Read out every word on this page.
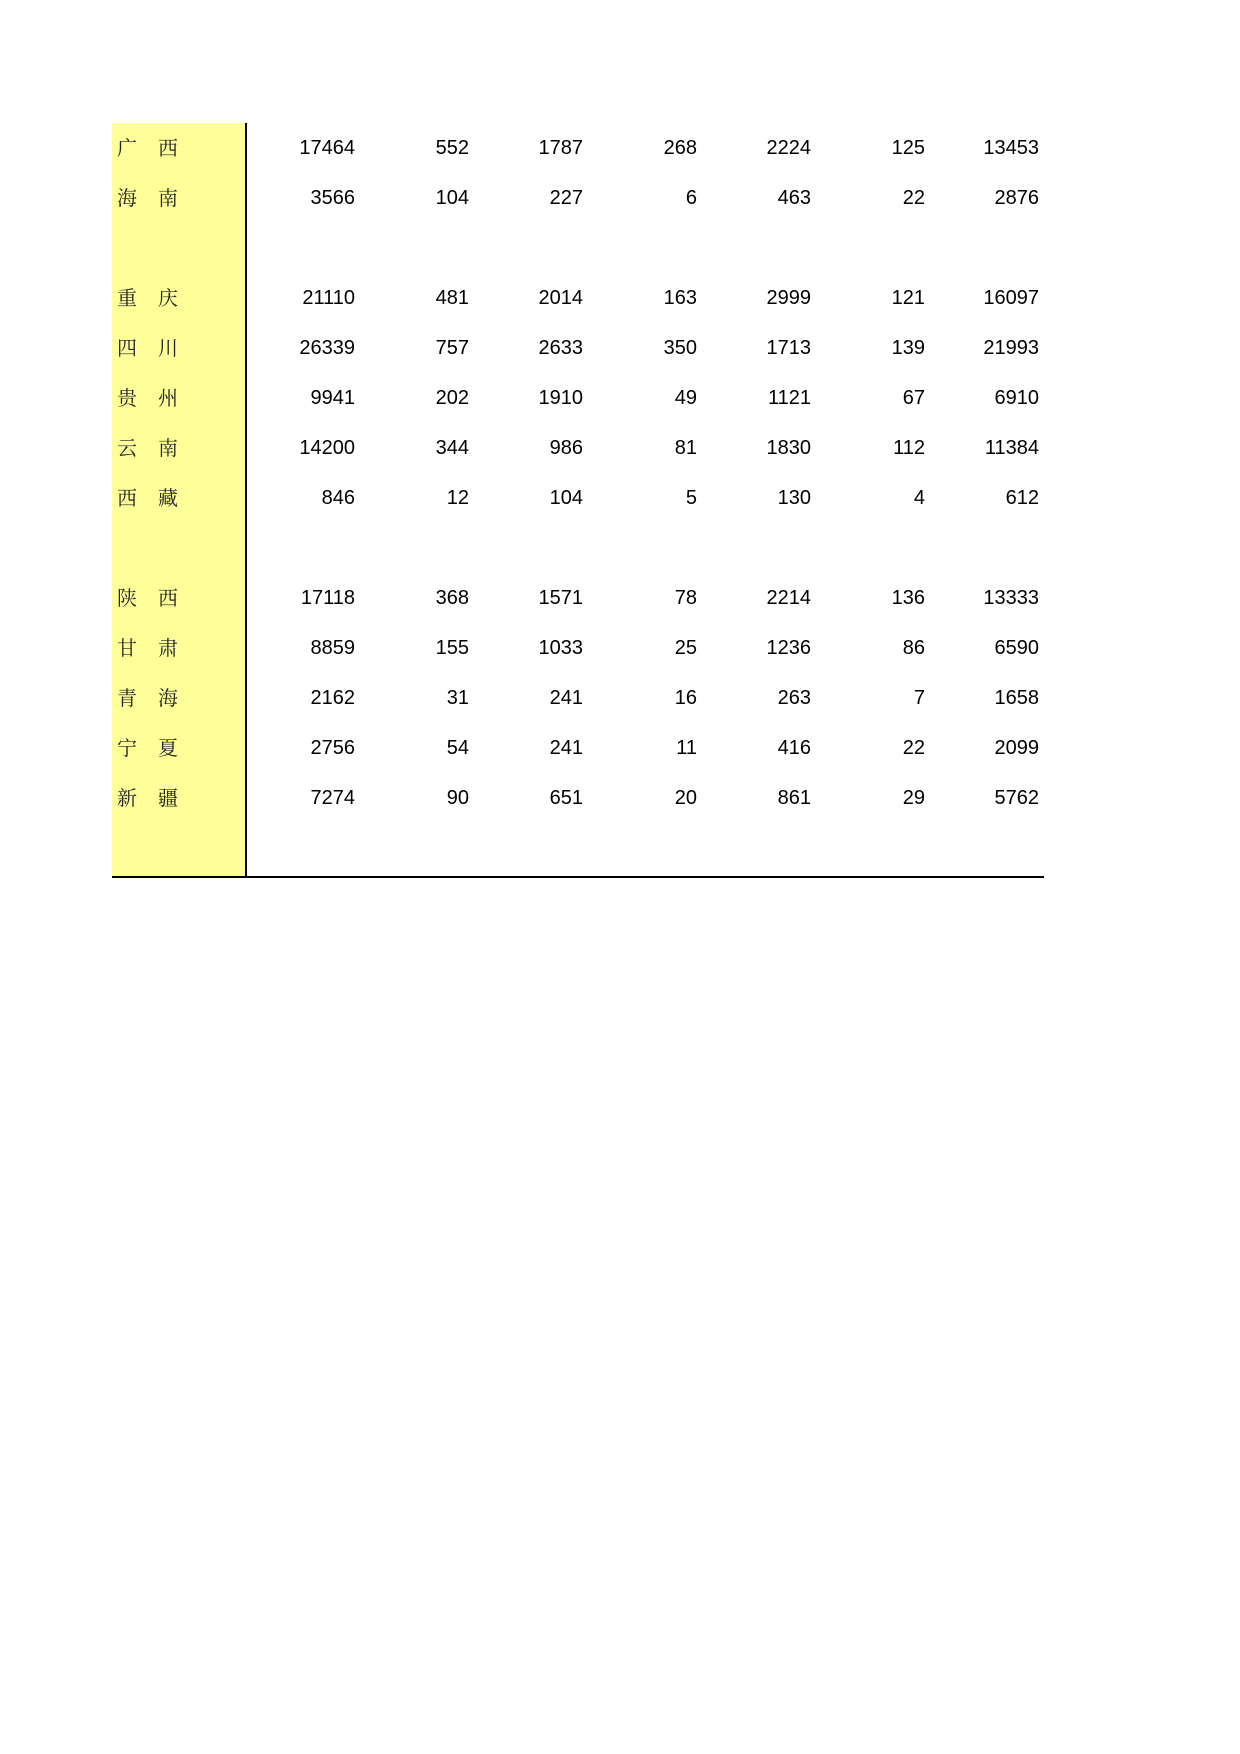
广 西	17464	552	1787	268	2224	125	13453
海 南	3566	104	227	6	463	22	2876
重 庆	21110	481	2014	163	2999	121	16097
四 川	26339	757	2633	350	1713	139	21993
贵 州	9941	202	1910	49	1121	67	6910
云 南	14200	344	986	81	1830	112	11384
西 藏	846	12	104	5	130	4	612
陕 西	17118	368	1571	78	2214	136	13333
甘 肃	8859	155	1033	25	1236	86	6590
青 海	2162	31	241	16	263	7	1658
宁 夏	2756	54	241	11	416	22	2099
新 疆	7274	90	651	20	861	29	5762
